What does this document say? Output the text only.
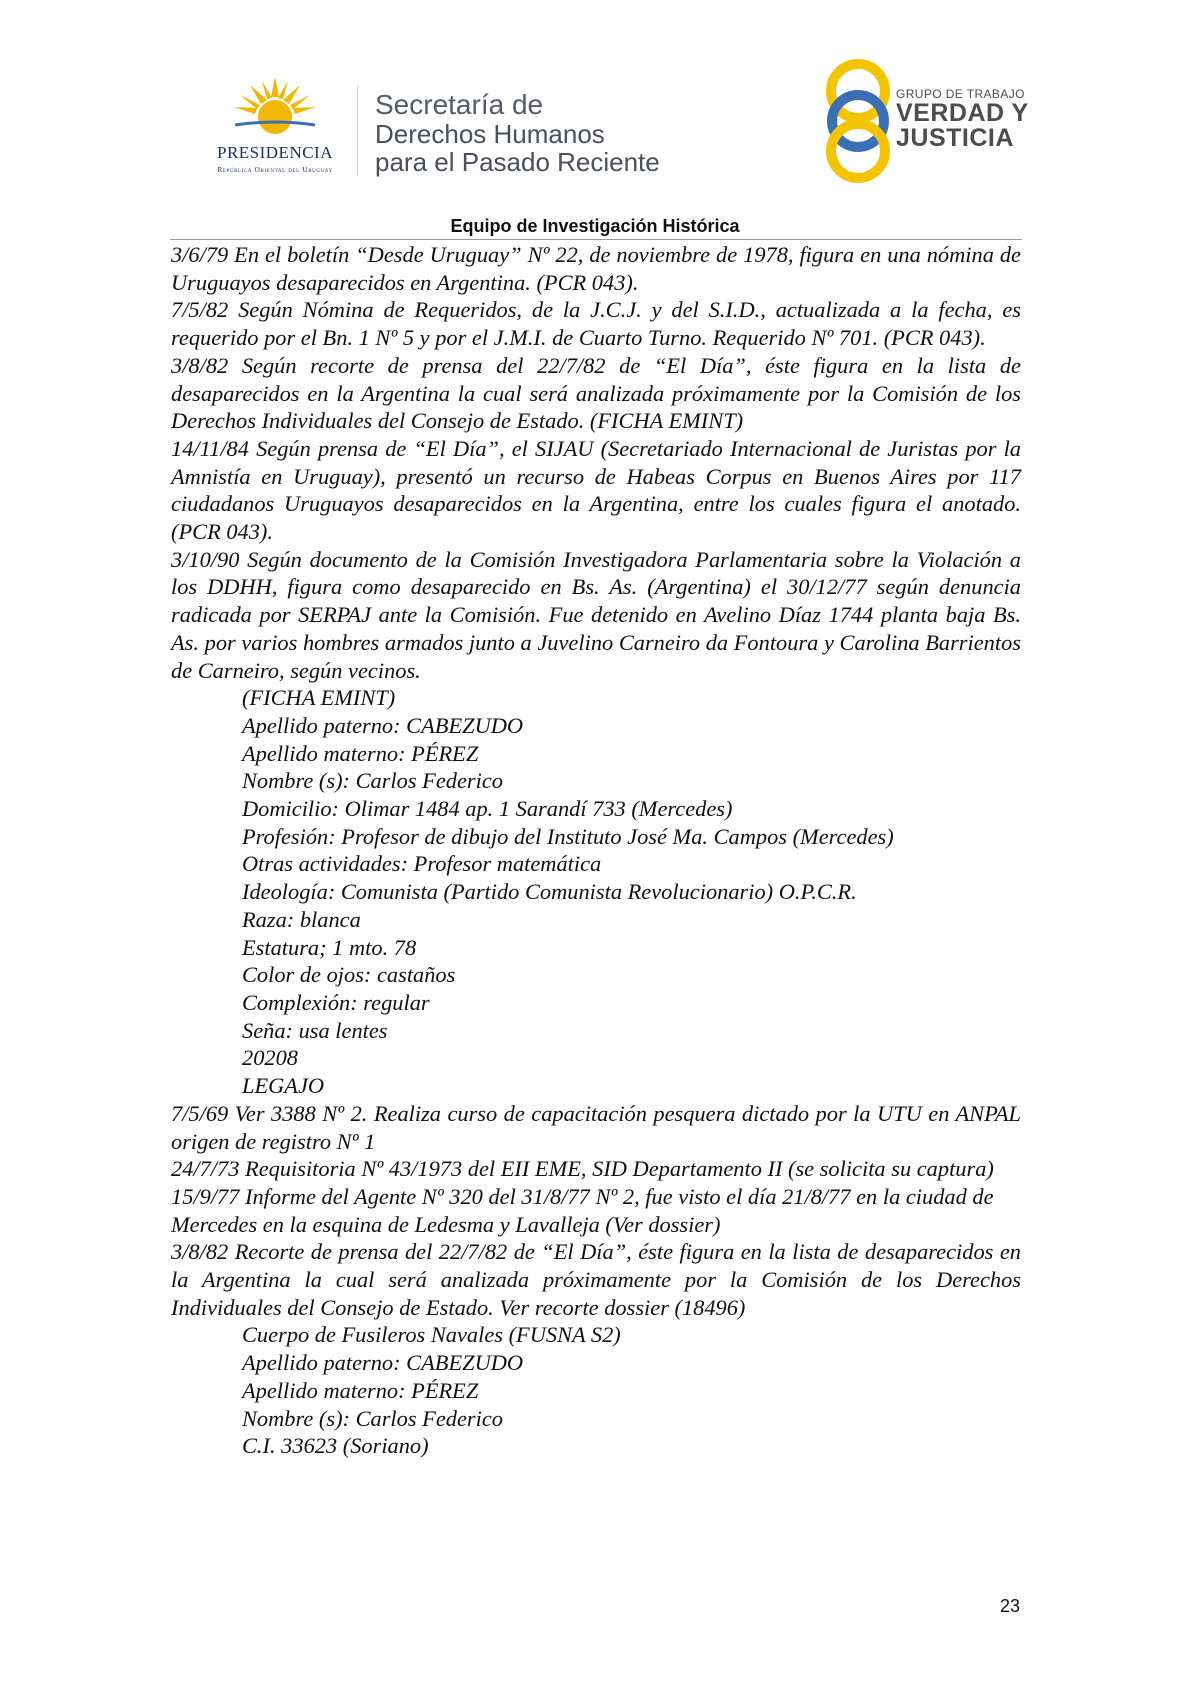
PRESIDENCIA
República Oriental del Uruguay
Secretaría de
Derechos Humanos
para el Pasado Reciente
GRUPO DE TRABAJO
VERDAD Y
JUSTICIA
Equipo de Investigación Histórica

3/6/79 En el boletín “Desde Uruguay” Nº 22, de noviembre de 1978, figura en una nómina de Uruguayos desaparecidos en Argentina. (PCR 043).

7/5/82 Según Nómina de Requeridos, de la J.C.J. y del S.I.D., actualizada a la fecha, es requerido por el Bn. 1 Nº 5 y por el J.M.I. de Cuarto Turno. Requerido Nº 701. (PCR 043).

3/8/82 Según recorte de prensa del 22/7/82 de “El Día”, éste figura en la lista de desaparecidos en la Argentina la cual será analizada próximamente por la Comisión de los Derechos Individuales del Consejo de Estado. (FICHA EMINT)

14/11/84 Según prensa de “El Día”, el SIJAU (Secretariado Internacional de Juristas por la Amnistía en Uruguay), presentó un recurso de Habeas Corpus en Buenos Aires por 117 ciudadanos Uruguayos desaparecidos en la Argentina, entre los cuales figura el anotado. (PCR 043).

3/10/90 Según documento de la Comisión Investigadora Parlamentaria sobre la Violación a los DDHH, figura como desaparecido en Bs. As. (Argentina) el 30/12/77 según denuncia radicada por SERPAJ ante la Comisión. Fue detenido en Avelino Díaz 1744 planta baja Bs. As. por varios hombres armados junto a Juvelino Carneiro da Fontoura y Carolina Barrientos de Carneiro, según vecinos.

(FICHA EMINT)

Apellido paterno: CABEZUDO

Apellido materno: PÉREZ

Nombre (s): Carlos Federico

Domicilio: Olimar 1484 ap. 1 Sarandí 733 (Mercedes)

Profesión: Profesor de dibujo del Instituto José Ma. Campos (Mercedes)

Otras actividades: Profesor matemática

Ideología: Comunista (Partido Comunista Revolucionario) O.P.C.R.

Raza: blanca

Estatura; 1 mto. 78

Color de ojos: castaños

Complexión: regular

Seña: usa lentes

20208

LEGAJO

7/5/69 Ver 3388 Nº 2. Realiza curso de capacitación pesquera dictado por la UTU en ANPAL origen de registro Nº 1

24/7/73 Requisitoria Nº 43/1973 del EII EME, SID Departamento II (se solicita su captura)

15/9/77 Informe del Agente Nº 320 del 31/8/77 Nº 2, fue visto el día 21/8/77 en la ciudad de

Mercedes en la esquina de Ledesma y Lavalleja (Ver dossier)

3/8/82 Recorte de prensa del 22/7/82 de “El Día”, éste figura en la lista de desaparecidos en la Argentina la cual será analizada próximamente por la Comisión de los Derechos Individuales del Consejo de Estado. Ver recorte dossier (18496)

Cuerpo de Fusileros Navales (FUSNA S2)

Apellido paterno: CABEZUDO

Apellido materno: PÉREZ

Nombre (s): Carlos Federico

C.I. 33623 (Soriano)

23
